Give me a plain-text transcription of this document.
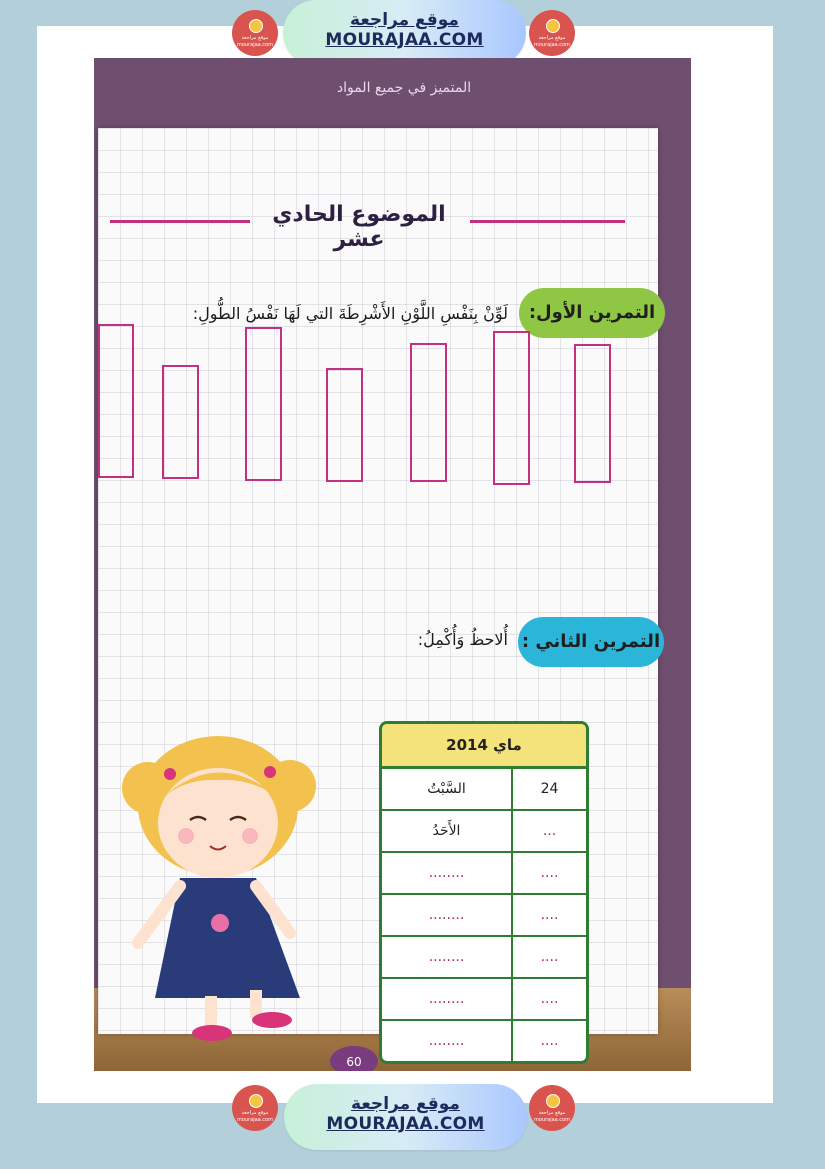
موقع مراجعة
mourajaa.com
موقع مراجعة
MOURAJAA.COM	موقع مراجعة
mourajaa.com
المتميز في جميع المواد
الموضوع الحادي عشر
التمرين الأول:
لَوِّنْ بِنَفْسِ اللَّوْنِ الأَشْرِطَةَ التي لَهَا نَفْسُ الطُّولِ:
التمرين الثاني :
أُلاحظُ وَأُكْمِلُ:
ماي 2014
السَّبْتُ	24
الأَحَدُ	...
........	....
........	....
........	....
........	....
........	....
60
موقع مراجعة
mourajaa.com
موقع مراجعة
MOURAJAA.COM
موقع مراجعة
mourajaa.com
